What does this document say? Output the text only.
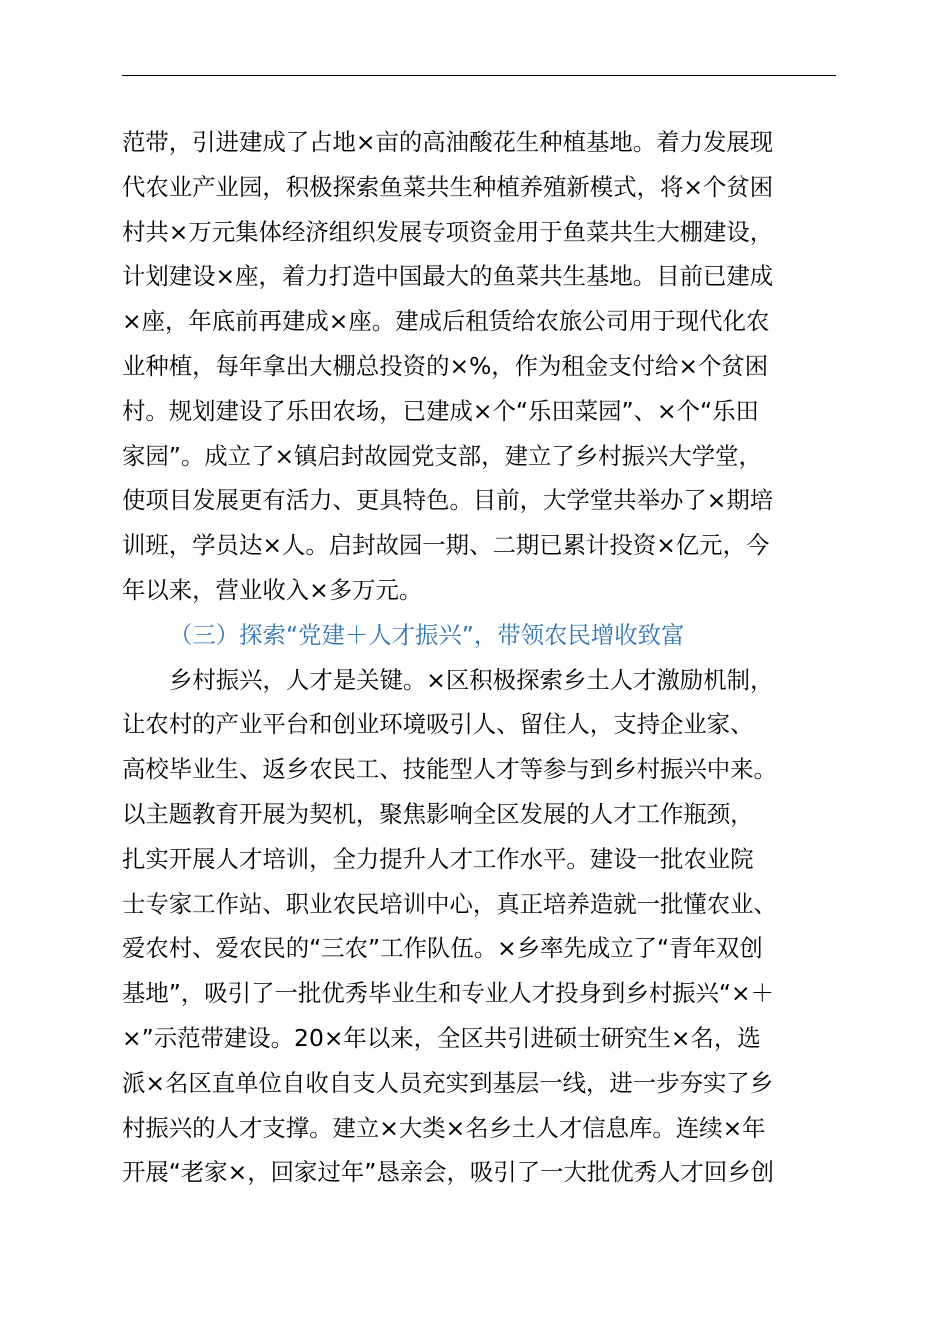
范带，引进建成了占地×亩的高油酸花生种植基地。着力发展现
代农业产业园，积极探索鱼菜共生种植养殖新模式，将×个贫困
村共×万元集体经济组织发展专项资金用于鱼菜共生大棚建设，
计划建设×座，着力打造中国最大的鱼菜共生基地。目前已建成
×座，年底前再建成×座。建成后租赁给农旅公司用于现代化农
业种植，每年拿出大棚总投资的×%，作为租金支付给×个贫困
村。规划建设了乐田农场，已建成×个“乐田菜园”、×个“乐田
家园”。成立了×镇启封故园党支部，建立了乡村振兴大学堂，
使项目发展更有活力、更具特色。目前，大学堂共举办了×期培
训班，学员达×人。启封故园一期、二期已累计投资×亿元，今
年以来，营业收入×多万元。
（三）探索“党建＋人才振兴”，带领农民增收致富
乡村振兴，人才是关键。×区积极探索乡土人才激励机制，
让农村的产业平台和创业环境吸引人、留住人，支持企业家、
高校毕业生、返乡农民工、技能型人才等参与到乡村振兴中来。
以主题教育开展为契机，聚焦影响全区发展的人才工作瓶颈，
扎实开展人才培训，全力提升人才工作水平。建设一批农业院
士专家工作站、职业农民培训中心，真正培养造就一批懂农业、
爱农村、爱农民的“三农”工作队伍。×乡率先成立了“青年双创
基地”，吸引了一批优秀毕业生和专业人才投身到乡村振兴“×＋
×”示范带建设。20×年以来，全区共引进硕士研究生×名，选
派×名区直单位自收自支人员充实到基层一线，进一步夯实了乡
村振兴的人才支撑。建立×大类×名乡土人才信息库。连续×年
开展“老家×，回家过年”恳亲会，吸引了一大批优秀人才回乡创
